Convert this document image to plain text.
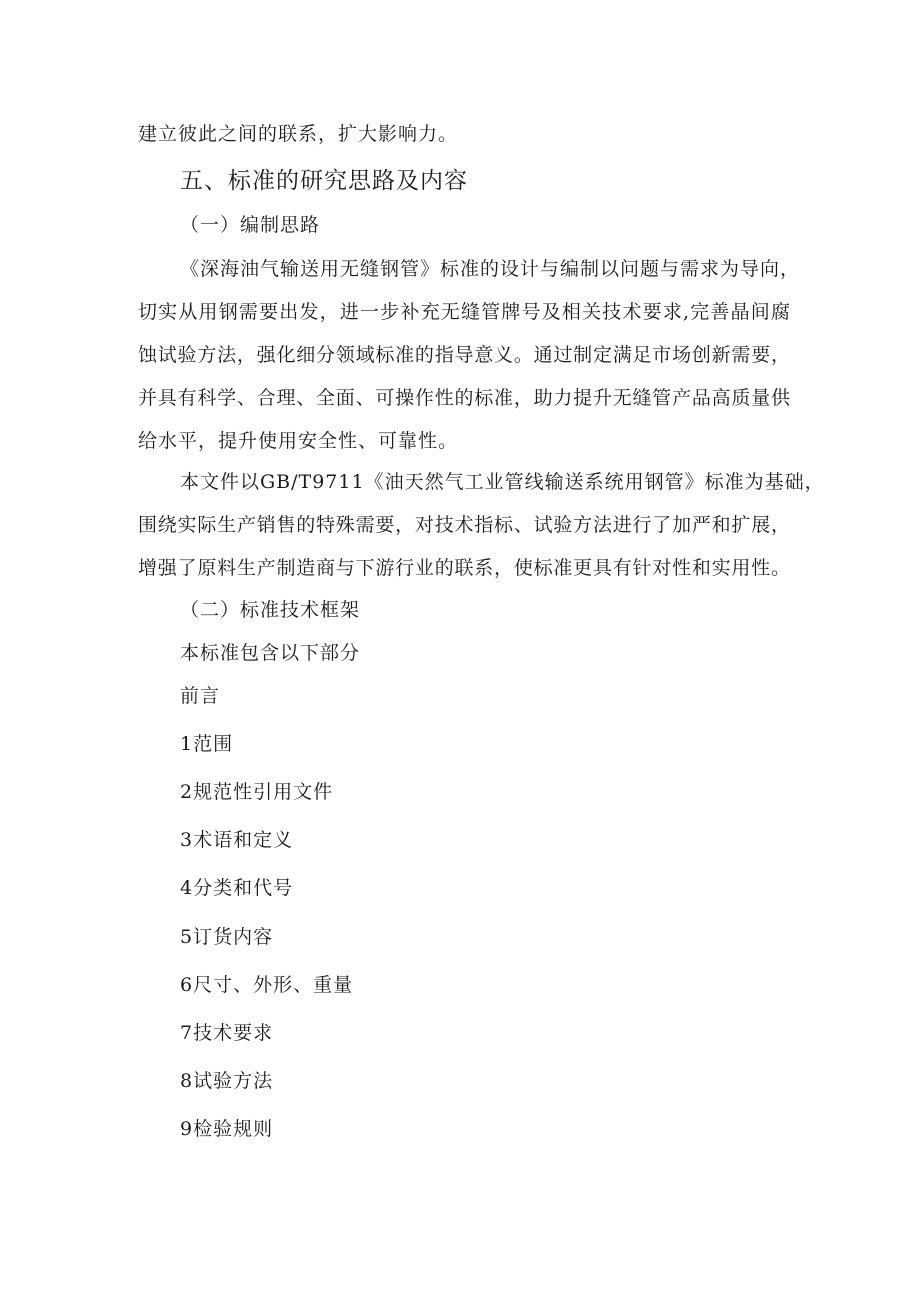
建立彼此之间的联系，扩大影响力。
五、标准的研究思路及内容
（一）编制思路
《深海油气输送用无缝钢管》标准的设计与编制以问题与需求为导向，
切实从用钢需要出发，进一步补充无缝管牌号及相关技术要求,完善晶间腐
蚀试验方法，强化细分领域标准的指导意义。通过制定满足市场创新需要，
并具有科学、合理、全面、可操作性的标准，助力提升无缝管产品高质量供
给水平，提升使用安全性、可靠性。
本文件以GB/T9711《油天然气工业管线输送系统用钢管》标准为基础，
围绕实际生产销售的特殊需要，对技术指标、试验方法进行了加严和扩展，
增强了原料生产制造商与下游行业的联系，使标准更具有针对性和实用性。
（二）标准技术框架
本标准包含以下部分
前言
1范围
2规范性引用文件
3术语和定义
4分类和代号
5订货内容
6尺寸、外形、重量
7技术要求
8试验方法
9检验规则
